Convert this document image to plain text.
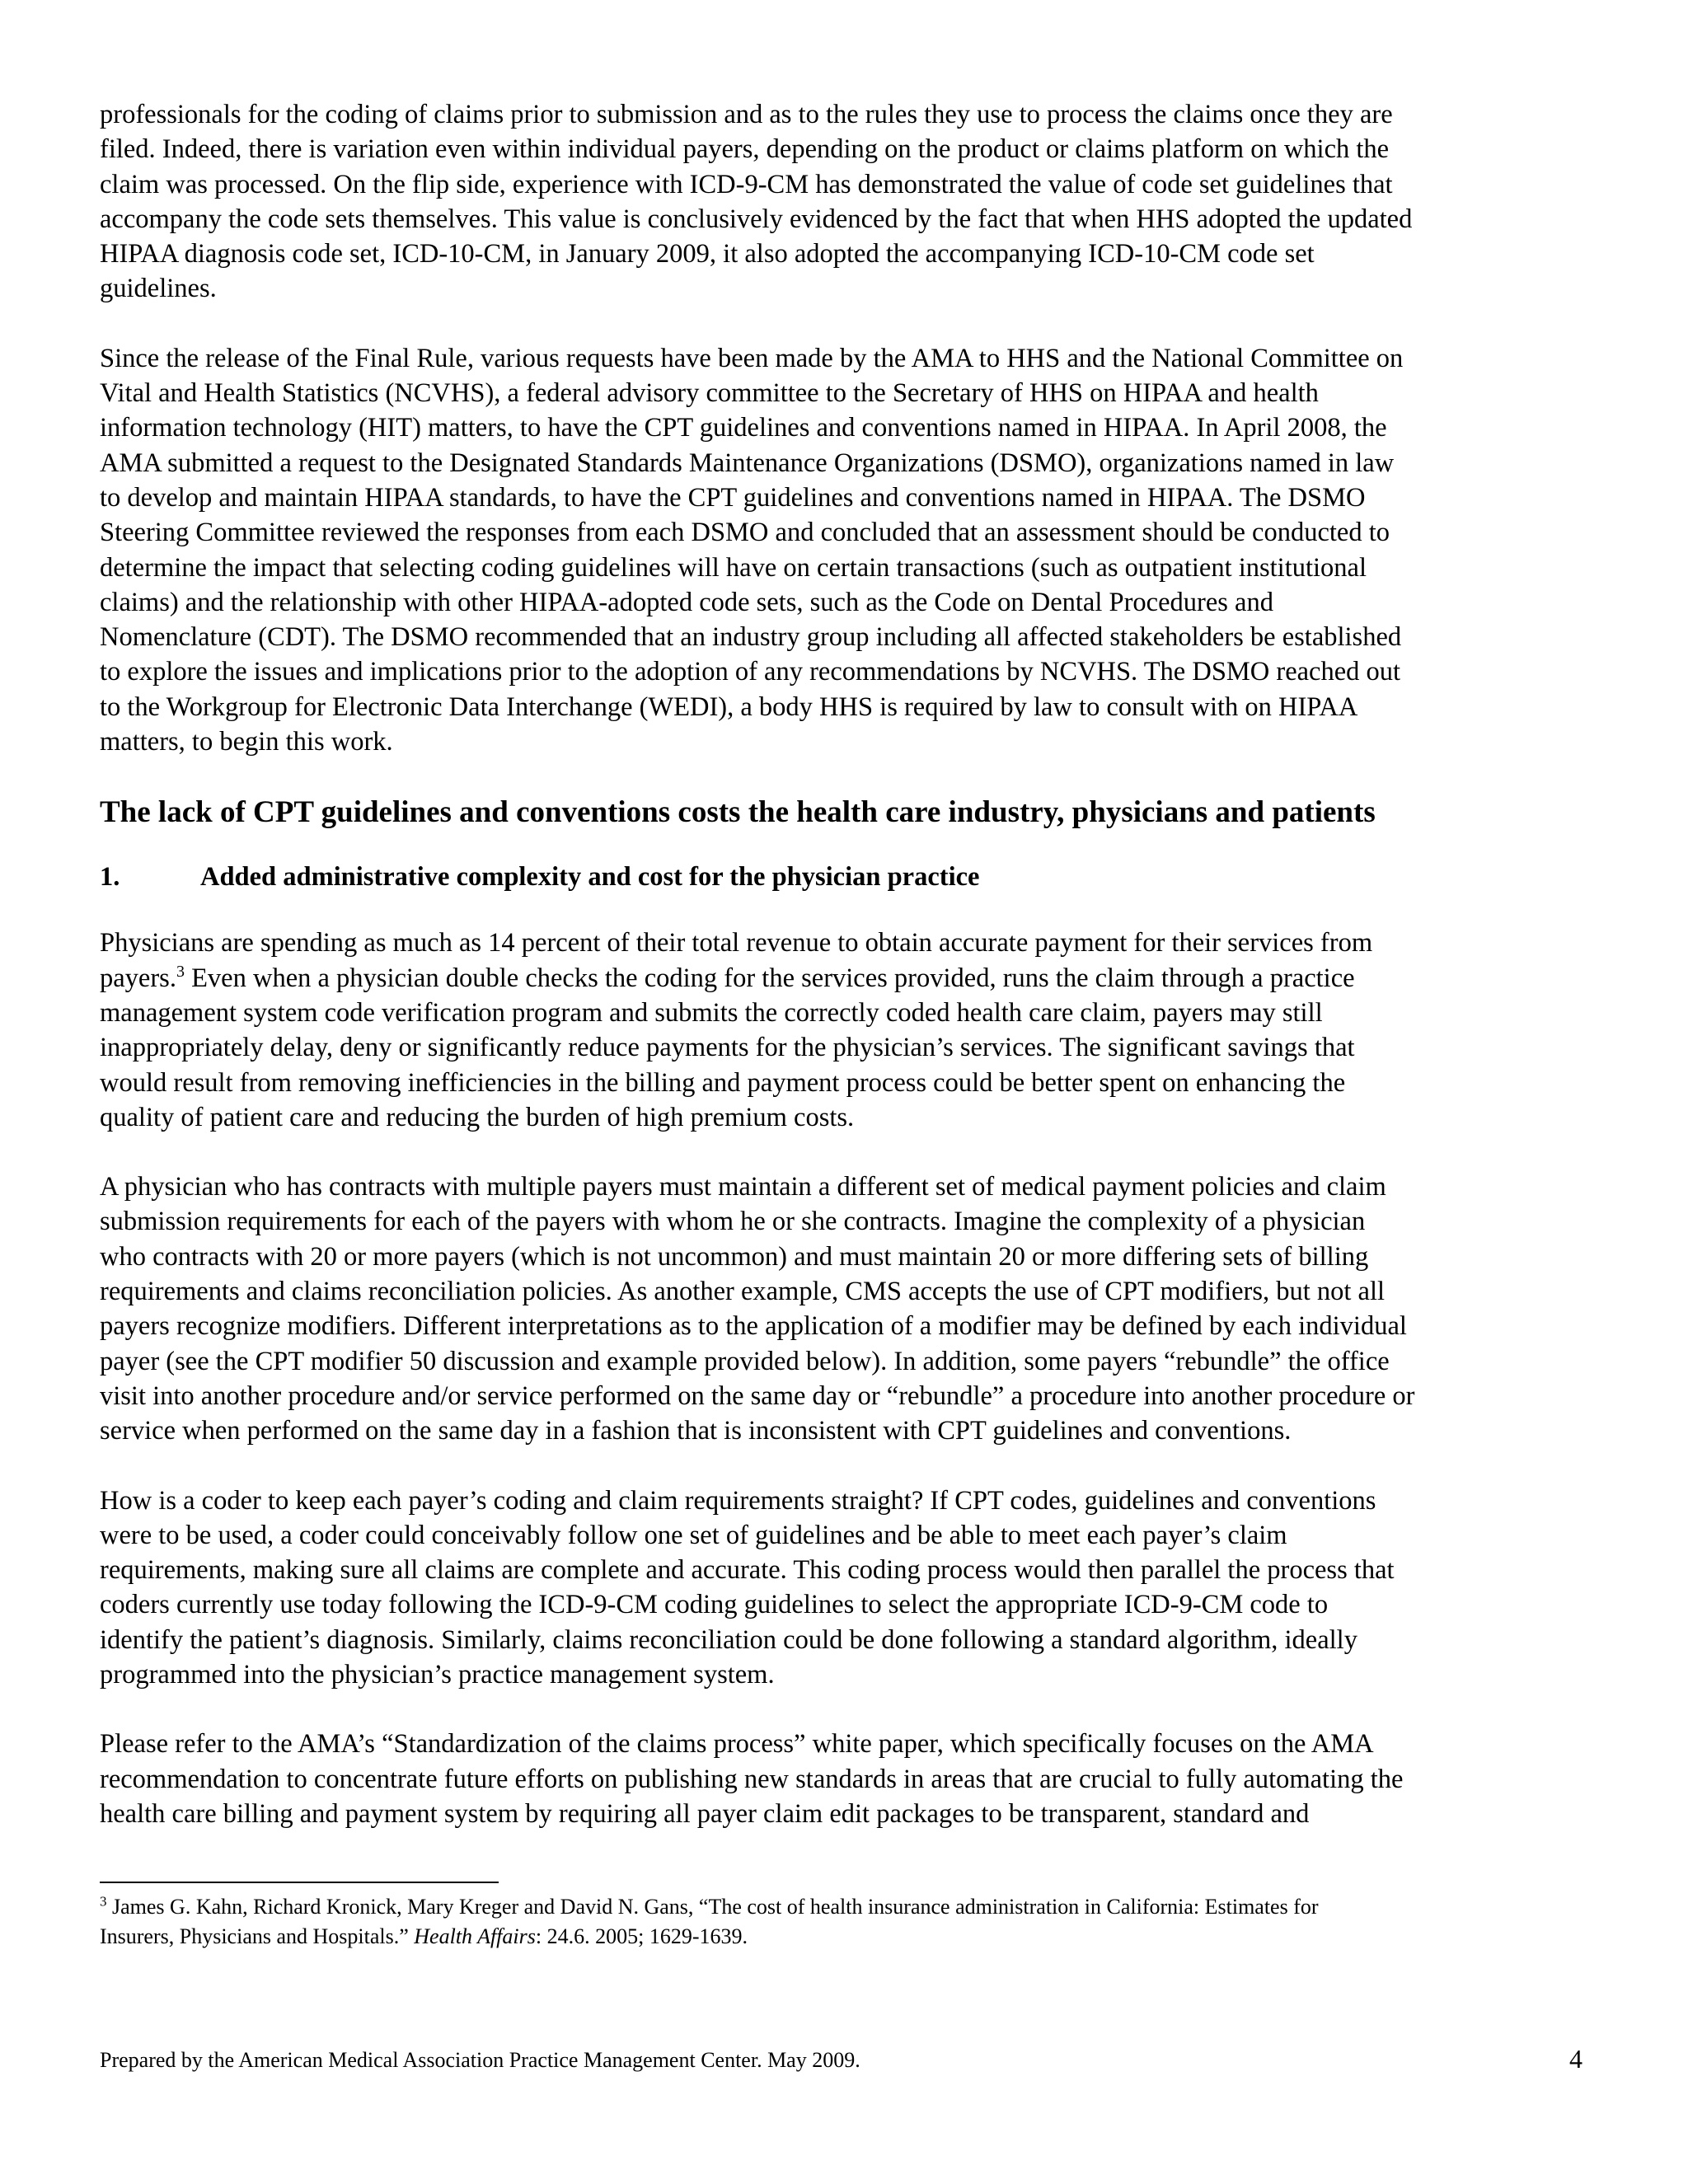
professionals for the coding of claims prior to submission and as to the rules they use to process the claims once they are
filed. Indeed, there is variation even within individual payers, depending on the product or claims platform on which the
claim was processed. On the flip side, experience with ICD-9-CM has demonstrated the value of code set guidelines that
accompany the code sets themselves. This value is conclusively evidenced by the fact that when HHS adopted the updated
HIPAA diagnosis code set, ICD-10-CM, in January 2009, it also adopted the accompanying ICD-10-CM code set
guidelines.

Since the release of the Final Rule, various requests have been made by the AMA to HHS and the National Committee on
Vital and Health Statistics (NCVHS), a federal advisory committee to the Secretary of HHS on HIPAA and health
information technology (HIT) matters, to have the CPT guidelines and conventions named in HIPAA. In April 2008, the
AMA submitted a request to the Designated Standards Maintenance Organizations (DSMO), organizations named in law
to develop and maintain HIPAA standards, to have the CPT guidelines and conventions named in HIPAA. The DSMO
Steering Committee reviewed the responses from each DSMO and concluded that an assessment should be conducted to
determine the impact that selecting coding guidelines will have on certain transactions (such as outpatient institutional
claims) and the relationship with other HIPAA-adopted code sets, such as the Code on Dental Procedures and
Nomenclature (CDT). The DSMO recommended that an industry group including all affected stakeholders be established
to explore the issues and implications prior to the adoption of any recommendations by NCVHS. The DSMO reached out
to the Workgroup for Electronic Data Interchange (WEDI), a body HHS is required by law to consult with on HIPAA
matters, to begin this work.

The lack of CPT guidelines and conventions costs the health care industry, physicians and patients
1.	Added administrative complexity and cost for the physician practice

Physicians are spending as much as 14 percent of their total revenue to obtain accurate payment for their services from
payers.$^3$ Even when a physician double checks the coding for the services provided, runs the claim through a practice
management system code verification program and submits the correctly coded health care claim, payers may still
inappropriately delay, deny or significantly reduce payments for the physician’s services. The significant savings that
would result from removing inefficiencies in the billing and payment process could be better spent on enhancing the
quality of patient care and reducing the burden of high premium costs.

A physician who has contracts with multiple payers must maintain a different set of medical payment policies and claim
submission requirements for each of the payers with whom he or she contracts. Imagine the complexity of a physician
who contracts with 20 or more payers (which is not uncommon) and must maintain 20 or more differing sets of billing
requirements and claims reconciliation policies. As another example, CMS accepts the use of CPT modifiers, but not all
payers recognize modifiers. Different interpretations as to the application of a modifier may be defined by each individual
payer (see the CPT modifier 50 discussion and example provided below). In addition, some payers “rebundle” the office
visit into another procedure and/or service performed on the same day or “rebundle” a procedure into another procedure or
service when performed on the same day in a fashion that is inconsistent with CPT guidelines and conventions.

How is a coder to keep each payer’s coding and claim requirements straight? If CPT codes, guidelines and conventions
were to be used, a coder could conceivably follow one set of guidelines and be able to meet each payer’s claim
requirements, making sure all claims are complete and accurate. This coding process would then parallel the process that
coders currently use today following the ICD-9-CM coding guidelines to select the appropriate ICD-9-CM code to
identify the patient’s diagnosis. Similarly, claims reconciliation could be done following a standard algorithm, ideally
programmed into the physician’s practice management system.

Please refer to the AMA’s “Standardization of the claims process” white paper, which specifically focuses on the AMA
recommendation to concentrate future efforts on publishing new standards in areas that are crucial to fully automating the
health care billing and payment system by requiring all payer claim edit packages to be transparent, standard and

$^3$ James G. Kahn, Richard Kronick, Mary Kreger and David N. Gans, “The cost of health insurance administration in California: Estimates for
Insurers, Physicians and Hospitals.” Health Affairs: 24.6. 2005; 1629-1639.
Prepared by the American Medical Association Practice Management Center. May 2009.	4
